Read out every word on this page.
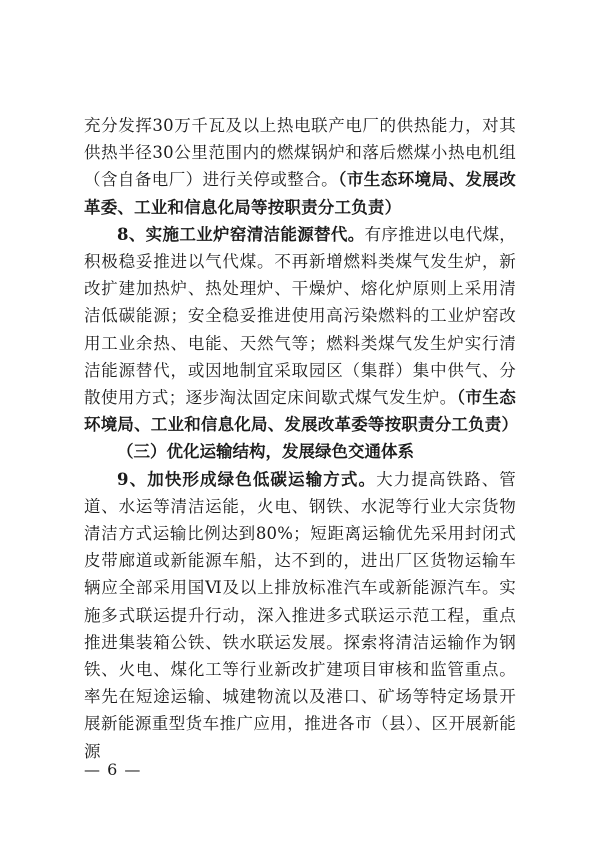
充分发挥30万千瓦及以上热电联产电厂的供热能力，对其供热半径30公里范围内的燃煤锅炉和落后燃煤小热电机组（含自备电厂）进行关停或整合。（市生态环境局、发展改革委、工业和信息化局等按职责分工负责）

8、实施工业炉窑清洁能源替代。有序推进以电代煤，积极稳妥推进以气代煤。不再新增燃料类煤气发生炉，新改扩建加热炉、热处理炉、干燥炉、熔化炉原则上采用清洁低碳能源；安全稳妥推进使用高污染燃料的工业炉窑改用工业余热、电能、天然气等；燃料类煤气发生炉实行清洁能源替代，或因地制宜采取园区（集群）集中供气、分散使用方式；逐步淘汰固定床间歇式煤气发生炉。（市生态环境局、工业和信息化局、发展改革委等按职责分工负责）

（三）优化运输结构，发展绿色交通体系

9、加快形成绿色低碳运输方式。大力提高铁路、管道、水运等清洁运能，火电、钢铁、水泥等行业大宗货物清洁方式运输比例达到80%；短距离运输优先采用封闭式皮带廊道或新能源车船，达不到的，进出厂区货物运输车辆应全部采用国Ⅵ及以上排放标准汽车或新能源汽车。实施多式联运提升行动，深入推进多式联运示范工程，重点推进集装箱公铁、铁水联运发展。探索将清洁运输作为钢铁、火电、煤化工等行业新改扩建项目审核和监管重点。率先在短途运输、城建物流以及港口、矿场等特定场景开展新能源重型货车推广应用，推进各市（县）、区开展新能源

— 6 —
